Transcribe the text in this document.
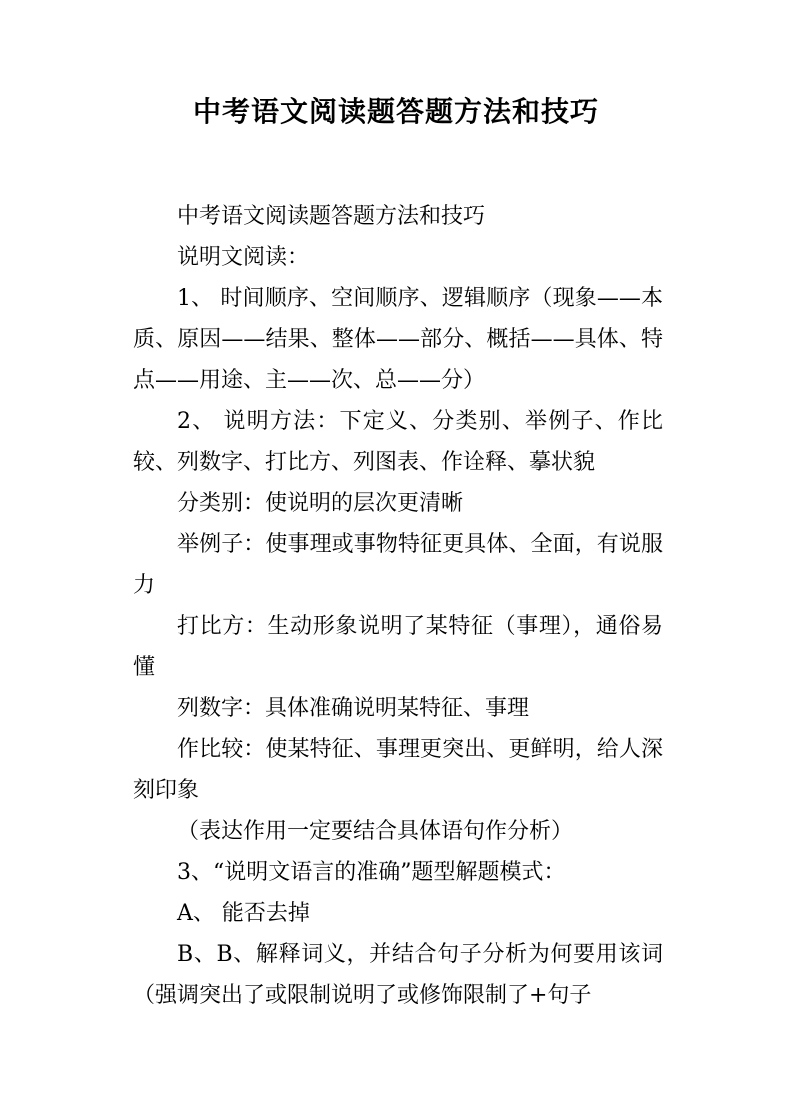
中考语文阅读题答题方法和技巧

中考语文阅读题答题方法和技巧

说明文阅读：

1、 时间顺序、空间顺序、逻辑顺序（现象——本质、原因——结果、整体——部分、概括——具体、特点——用途、主——次、总——分）

2、 说明方法：下定义、分类别、举例子、作比较、列数字、打比方、列图表、作诠释、摹状貌

分类别：使说明的层次更清晰

举例子：使事理或事物特征更具体、全面，有说服力

打比方：生动形象说明了某特征（事理），通俗易懂

列数字：具体准确说明某特征、事理

作比较：使某特征、事理更突出、更鲜明，给人深刻印象

（表达作用一定要结合具体语句作分析）

3、“说明文语言的准确”题型解题模式：

A、 能否去掉

B、B、解释词义，并结合句子分析为何要用该词（强调突出了或限制说明了或修饰限制了+句子
